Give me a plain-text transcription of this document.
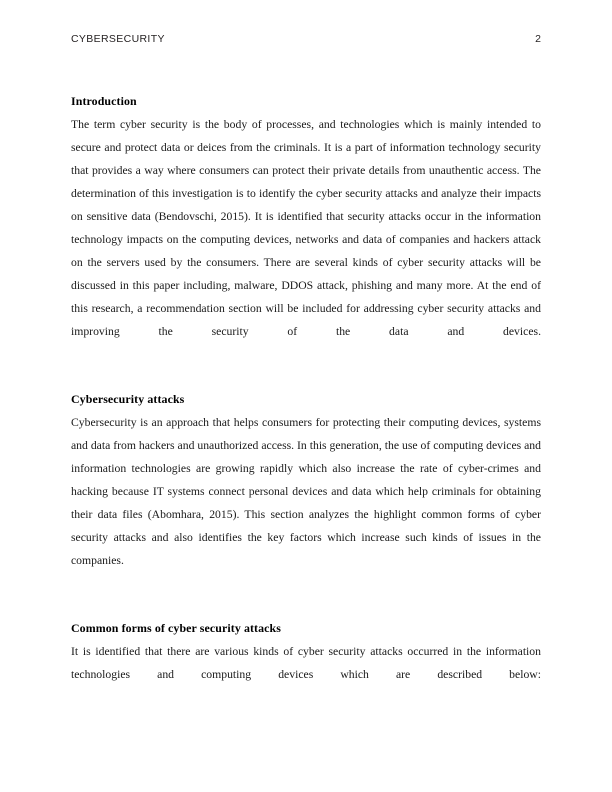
CYBERSECURITY	2
Introduction

The term cyber security is the body of processes, and technologies which is mainly intended to secure and protect data or deices from the criminals. It is a part of information technology security that provides a way where consumers can protect their private details from unauthentic access. The determination of this investigation is to identify the cyber security attacks and analyze their impacts on sensitive data (Bendovschi, 2015). It is identified that security attacks occur in the information technology impacts on the computing devices, networks and data of companies and hackers attack on the servers used by the consumers. There are several kinds of cyber security attacks will be discussed in this paper including, malware, DDOS attack, phishing and many more. At the end of this research, a recommendation section will be included for addressing cyber security attacks and improving the security of the data and devices.

Cybersecurity attacks

Cybersecurity is an approach that helps consumers for protecting their computing devices, systems and data from hackers and unauthorized access. In this generation, the use of computing devices and information technologies are growing rapidly which also increase the rate of cyber-crimes and hacking because IT systems connect personal devices and data which help criminals for obtaining their data files (Abomhara, 2015). This section analyzes the highlight common forms of cyber security attacks and also identifies the key factors which increase such kinds of issues in the companies.

Common forms of cyber security attacks

It is identified that there are various kinds of cyber security attacks occurred in the information technologies and computing devices which are described below:
